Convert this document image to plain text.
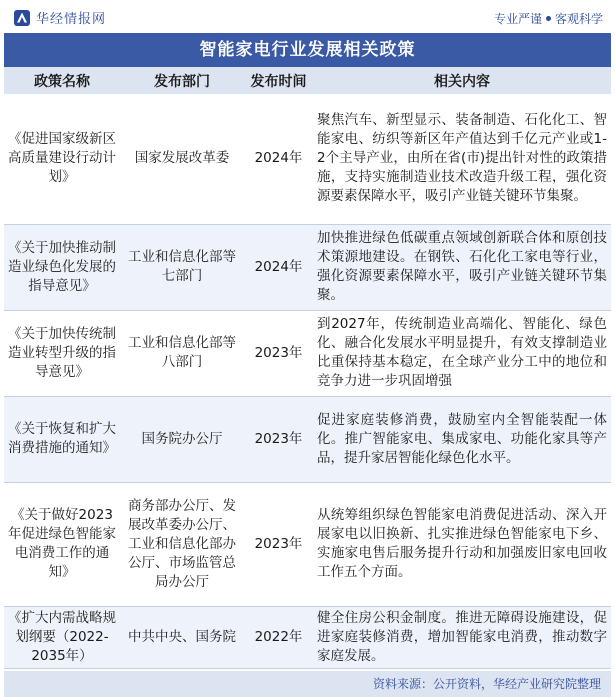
华经情报网	专业严谨 客观科学
智能家电行业发展相关政策
政策名称	发布部门	发布时间	相关内容
《促进国家级新区高质量建设行动计划》	国家发展改革委	2024年	聚焦汽车、新型显示、装备制造、石化化工、智能家电、纺织等新区年产值达到千亿元产业或1-2个主导产业，由所在省(市)提出针对性的政策措施，支持实施制造业技术改造升级工程，强化资源要素保障水平，吸引产业链关键环节集聚。
《关于加快推动制造业绿色化发展的指导意见》	工业和信息化部等七部门	2024年	加快推进绿色低碳重点领域创新联合体和原创技术策源地建设。在钢铁、石化化工家电等行业，强化资源要素保障水平，吸引产业链关键环节集聚。
《关于加快传统制造业转型升级的指导意见》	工业和信息化部等八部门	2023年	到2027年，传统制造业高端化、智能化、绿色化、融合化发展水平明显提升，有效支撑制造业比重保持基本稳定，在全球产业分工中的地位和竞争力进一步巩固增强
《关于恢复和扩大消费措施的通知》	国务院办公厅	2023年	促进家庭装修消费，鼓励室内全智能装配一体化。推广智能家电、集成家电、功能化家具等产品，提升家居智能化绿色化水平。
《关于做好2023年促进绿色智能家电消费工作的通知》	商务部办公厅、发展改革委办公厅、工业和信息化部办公厅、市场监管总局办公厅	2023年	从统筹组织绿色智能家电消费促进活动、深入开展家电以旧换新、扎实推进绿色智能家电下乡、实施家电售后服务提升行动和加强废旧家电回收工作五个方面。
《扩大内需战略规划纲要（2022-2035年）	中共中央、国务院	2022年	健全住房公积金制度。推进无障碍设施建设，促进家庭装修消费，增加智能家电消费，推动数字家庭发展。
资料来源：公开资料，华经产业研究院整理
